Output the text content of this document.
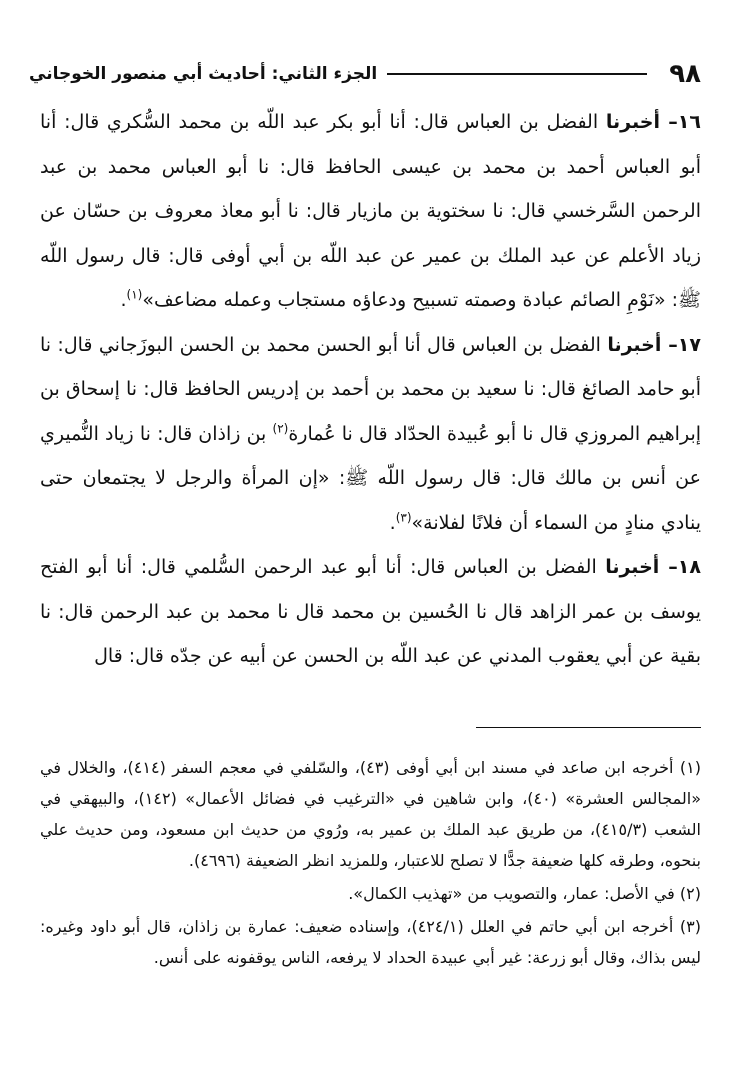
٩٨
الجزء الثاني: أحاديث أبي منصور الخوجاني

١٦– أخبرنا الفضل بن العباس قال: أنا أبو بكر عبد اللّه بن محمد السُّكري قال: أنا أبو العباس أحمد بن محمد بن عيسى الحافظ قال: نا أبو العباس محمد بن عبد الرحمن السَّرخسي قال: نا سختوية بن مازيار قال: نا أبو معاذ معروف بن حسّان عن زياد الأعلم عن عبد الملك بن عمير عن عبد اللّه بن أبي أوفى قال: قال رسول اللّه ﷺ: «نَوْمِ الصائم عبادة وصمته تسبيح ودعاؤه مستجاب وعمله مضاعف»$^{(١)}$.

١٧– أخبرنا الفضل بن العباس قال أنا أبو الحسن محمد بن الحسن البوزَجاني قال: نا أبو حامد الصائغ قال: نا سعيد بن محمد بن أحمد بن إدريس الحافظ قال: نا إسحاق بن إبراهيم المروزي قال نا أبو عُبيدة الحدّاد قال نا عُمارة$^{(٢)}$ بن زاذان قال: نا زياد النُّميري عن أنس بن مالك قال: قال رسول اللّه ﷺ: «إن المرأة والرجل لا يجتمعان حتى ينادي منادٍ من السماء أن فلانًا لفلانة»$^{(٣)}$.

١٨– أخبرنا الفضل بن العباس قال: أنا أبو عبد الرحمن السُّلمي قال: أنا أبو الفتح يوسف بن عمر الزاهد قال نا الحُسين بن محمد قال نا محمد بن عبد الرحمن قال: نا بقية عن أبي يعقوب المدني عن عبد اللّه بن الحسن عن أبيه عن جدّه قال: قال

(١) أخرجه ابن صاعد في مسند ابن أبي أوفى (٤٣)، والسّلفي في معجم السفر (٤١٤)، والخلال في «المجالس العشرة» (٤٠)، وابن شاهين في «الترغيب في فضائل الأعمال» (١٤٢)، والبيهقي في الشعب (٤١٥/٣)، من طريق عبد الملك بن عمير به، ورُوي من حديث ابن مسعود، ومن حديث علي بنحوه، وطرقه كلها ضعيفة جدًّا لا تصلح للاعتبار، وللمزيد انظر الضعيفة (٤٦٩٦).

(٢) في الأصل: عمار، والتصويب من «تهذيب الكمال».

(٣) أخرجه ابن أبي حاتم في العلل (٤٢٤/١)، وإسناده ضعيف: عمارة بن زاذان، قال أبو داود وغيره: ليس بذاك، وقال أبو زرعة: غير أبي عبيدة الحداد لا يرفعه، الناس يوقفونه على أنس.
